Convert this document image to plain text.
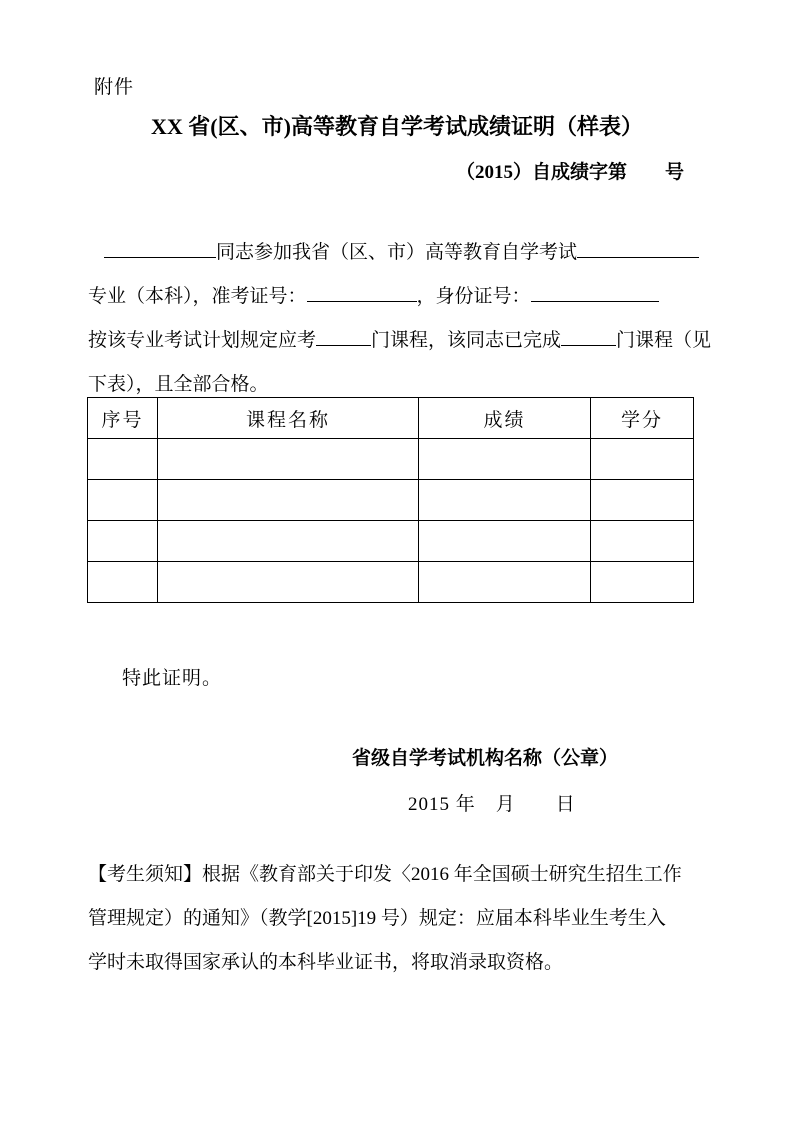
附件
XX 省(区、市)高等教育自学考试成绩证明（样表）
（2015）自成绩字第　　号
同志参加我省（区、市）高等教育自学考试
专业（本科），准考证号：	，身份证号：
按该专业考试计划规定应考	门课程，该同志已完成	门课程（见
下表），且全部合格。
序号	课程名称	成绩	学分

特此证明。
省级自学考试机构名称（公章）
2015 年　月　　日
【考生须知】根据《教育部关于印发〈2016 年全国硕士研究生招生工作
管理规定）的通知》（教学[2015]19 号）规定：应届本科毕业生考生入
学时未取得国家承认的本科毕业证书，将取消录取资格。
